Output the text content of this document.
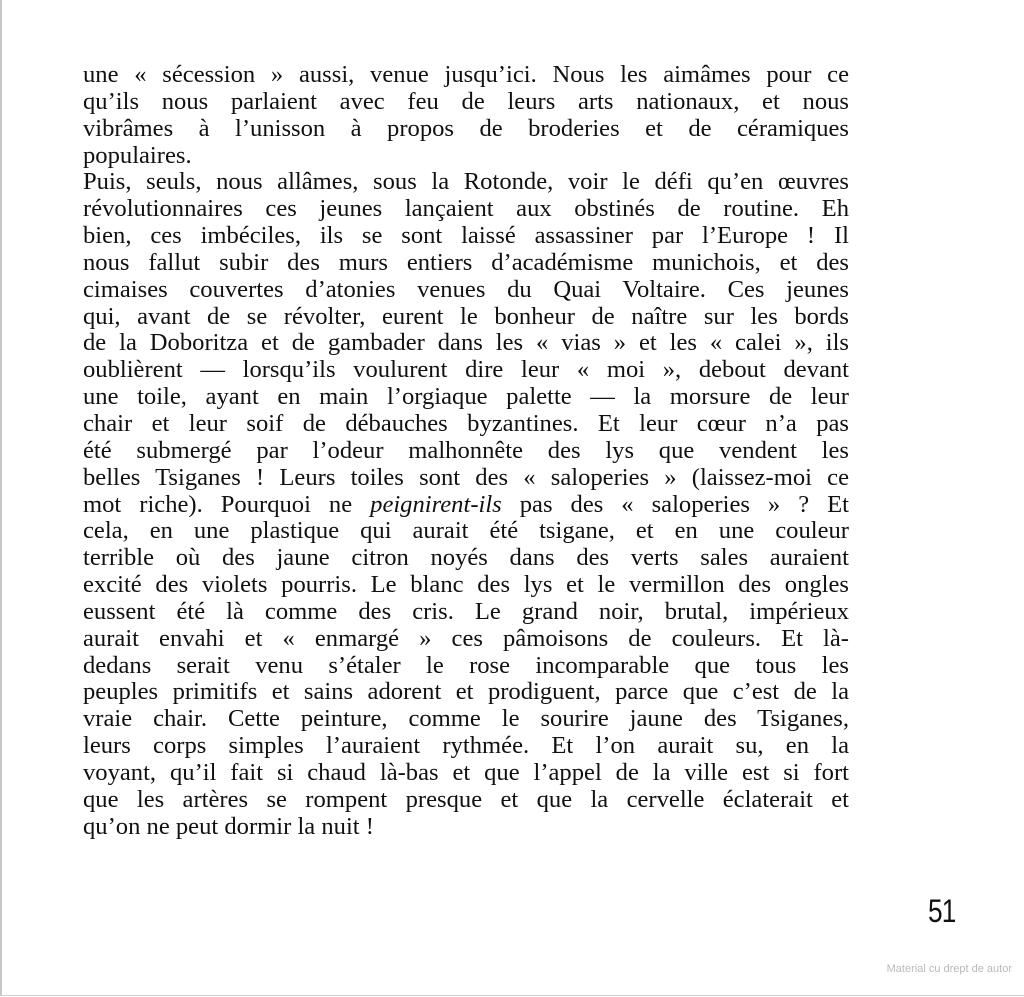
une « sécession » aussi, venue jusqu’ici. Nous les aimâmes pour ce
qu’ils nous parlaient avec feu de leurs arts nationaux, et nous
vibrâmes à l’unisson à propos de broderies et de céramiques
populaires.
Puis, seuls, nous allâmes, sous la Rotonde, voir le défi qu’en œuvres
révolutionnaires ces jeunes lançaient aux obstinés de routine. Eh
bien, ces imbéciles, ils se sont laissé assassiner par l’Europe ! Il
nous fallut subir des murs entiers d’académisme munichois, et des
cimaises couvertes d’atonies venues du Quai Voltaire. Ces jeunes
qui, avant de se révolter, eurent le bonheur de naître sur les bords
de la Doboritza et de gambader dans les « vias » et les « calei », ils
oublièrent — lorsqu’ils voulurent dire leur « moi », debout devant
une toile, ayant en main l’orgiaque palette — la morsure de leur
chair et leur soif de débauches byzantines. Et leur cœur n’a pas
été submergé par l’odeur malhonnête des lys que vendent les
belles Tsiganes ! Leurs toiles sont des « saloperies » (laissez-moi ce
mot riche). Pourquoi ne peignirent-ils pas des « saloperies » ? Et
cela, en une plastique qui aurait été tsigane, et en une couleur
terrible où des jaune citron noyés dans des verts sales auraient
excité des violets pourris. Le blanc des lys et le vermillon des ongles
eussent été là comme des cris. Le grand noir, brutal, impérieux
aurait envahi et « enmargé » ces pâmoisons de couleurs. Et là-
dedans serait venu s’étaler le rose incomparable que tous les
peuples primitifs et sains adorent et prodiguent, parce que c’est de la
vraie chair. Cette peinture, comme le sourire jaune des Tsiganes,
leurs corps simples l’auraient rythmée. Et l’on aurait su, en la
voyant, qu’il fait si chaud là-bas et que l’appel de la ville est si fort
que les artères se rompent presque et que la cervelle éclaterait et
qu’on ne peut dormir la nuit !
51
Material cu drept de autor
